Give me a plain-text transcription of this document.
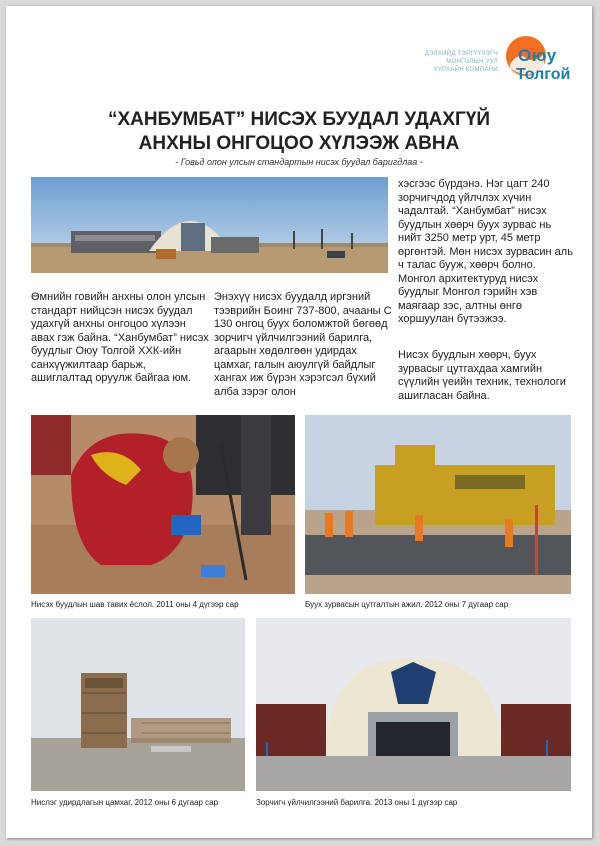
ДЭЛХИЙД ТЭРГҮҮЛЭГЧ
МОНГОЛЫН УУЛ
УУРХАЙН КОМПАНИ

Оюу
Толгой
“ХАНБУМБАТ” НИСЭХ БУУДАЛ УДАХГҮЙ
АНХНЫ ОНГОЦОО ХҮЛЭЭЖ АВНА

- Говьд олон улсын стандартын нисэх буудал баригдлаа -

Өмнийн говийн анхны олон улсын стандарт нийцсэн нисэх буудал удахгүй анхны онгоцоо хүлээн авах гэж байна. “Ханбумбат” нисэх буудлыг Оюу Толгой ХХК-ийн санхүүжилтаар барьж, ашиглалтад оруулж байгаа юм.

Энэхүү нисэх буудалд иргэний тээврийн Боинг 737-800, ачааны С 130 онгоц буух боломжтой бөгөөд зорчигч үйлчилгээний барилга, агаарын хөдөлгөөн удирдах цамхаг, галын аюулгүй байдлыг хангах иж бүрэн хэрэгсэл бүхий алба зэрэг олон

хэсгээс бүрдэнэ. Нэг цагт 240 зорчигчдод үйлчлэх хүчин чадалтай. “Ханбумбат” нисэх буудлын хөөрч буух зурвас нь нийт 3250 метр урт, 45 метр өргөнтэй. Мөн нисэх зурвасин аль ч талас бууж, хөөрч болно. Монгол архитектуруд нисэх буудлыг Монгол гэрийн хэв маягаар зэс, алтны өнгө хоршуулан бүтээжээ.

Нисэх буудлын хөөрч, буух зурвасыг цутгахдаа хамгийн сүүлийн үеийн техник, технологи ашигласан байна.

Нисэх буудлын шав тавих ёслол. 2011 оны 4 дүгээр сар	Буух зурвасын цутгалтын ажил. 2012 оны 7 дугаар сар

Нислэг удирдлагын цамхаг. 2012 оны 6 дугаар сар	Зорчигч үйлчилгээний барилга. 2013 оны 1 дүгээр сар
